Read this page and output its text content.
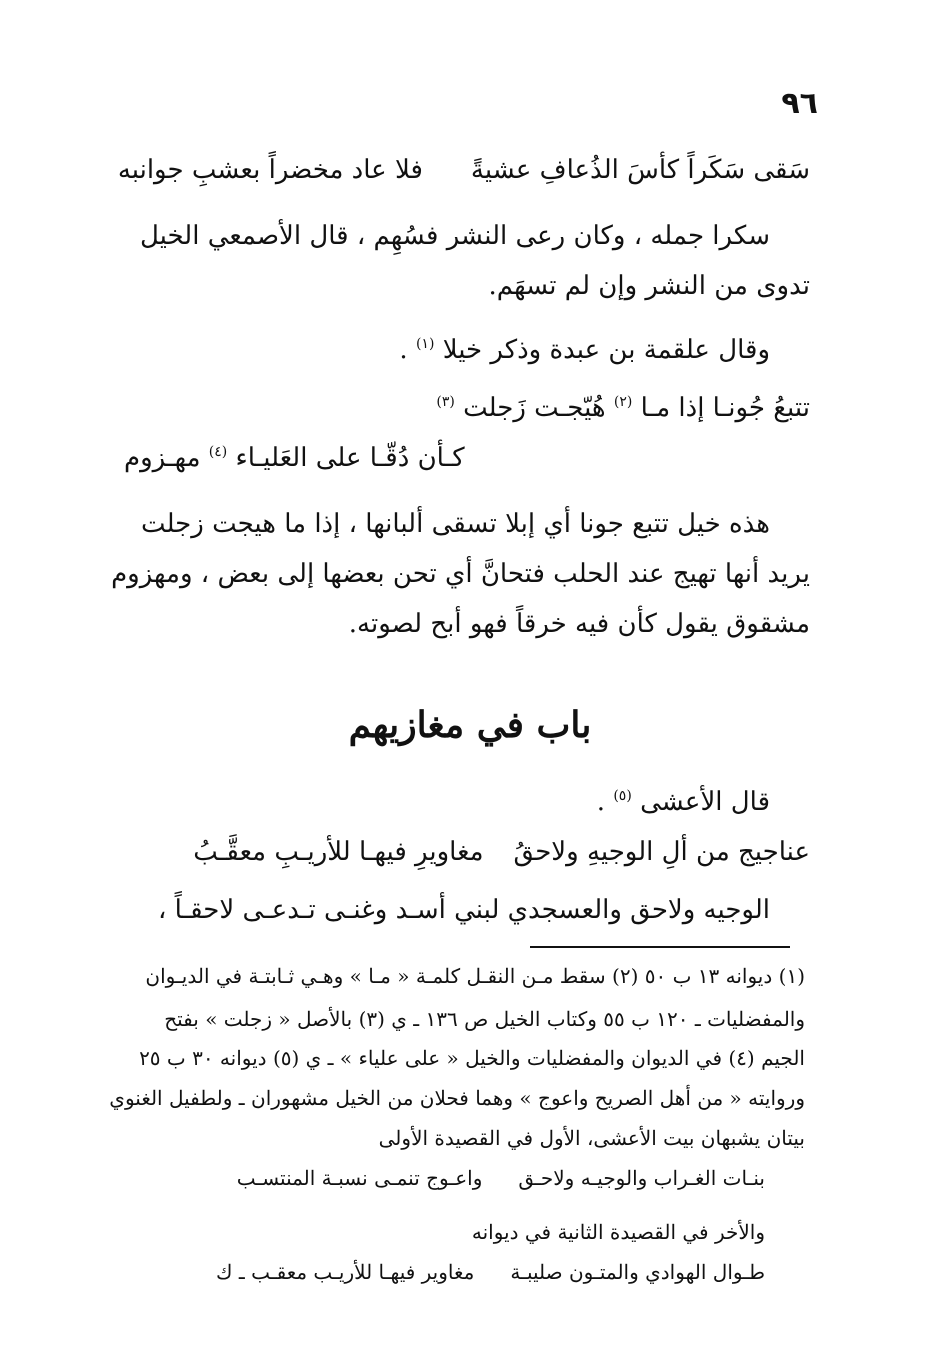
٩٦
سَقى سَكَراً كأسَ الذُعافِ عشيةً
فلا عاد مخضراً بعشبِ جوانبه
سكرا جمله ، وكان رعى النشر فسُهِم ، قال الأصمعي الخيل
تدوى من النشر وإن لم تسهَم.
وقال علقمة بن عبدة وذكر خيلا $^{(١)}$ .
تتبعُ جُونـا إذا مـا $^{(٢)}$ هُيّجـت زَجلت $^{(٣)}$
كـأن دُقّـا على العَليـاء $^{(٤)}$ مهـزوم
هذه خيل تتبع جونا أي إبلا تسقى ألبانها ، إذا ما هيجت زجلت
يريد أنها تهيج عند الحلب فتحانَّ أي تحن بعضها إلى بعض ، ومهزوم
مشقوق يقول كأن فيه خرقاً فهو أبح لصوته.
باب في مغازيهم
قال الأعشى $^{(٥)}$ .
عناجيج من ألِ الوجيهِ ولاحقُ
مغاويرِ فيهـا للأريـبِ معقَّـبُ
الوجيه ولاحق والعسجدي لبني أسـد وغنـى تـدعـى لاحقـاً ،
(١) ديوانه ١٣ ب ٥٠ (٢) سقط مـن النقـل كلمـة « مـا » وهـي ثـابتـة في الديـوان
والمفضليات ـ ١٢٠ ب ٥٥ وكتاب الخيل ص ١٣٦ ـ ي (٣) بالأصل « زجلت » بفتح
الجيم (٤) في الديوان والمفضليات والخيل « على علياء » ـ ي (٥) ديوانه ٣٠ ب ٢٥
وروايته « من أهل الصريح واعوج » وهما فحلان من الخيل مشهوران ـ ولطفيل الغنوي
بيتان يشبهان بيت الأعشى، الأول في القصيدة الأولى
بنـات الغـراب والوجيـه ولاحـق
واعـوج تنمـى نسبـة المنتسـب
والأخر في القصيدة الثانية في ديوانه
طـوال الهوادي والمتـون صليبـة
مغاوير فيهـا للأريـب معقـب ـ ك
